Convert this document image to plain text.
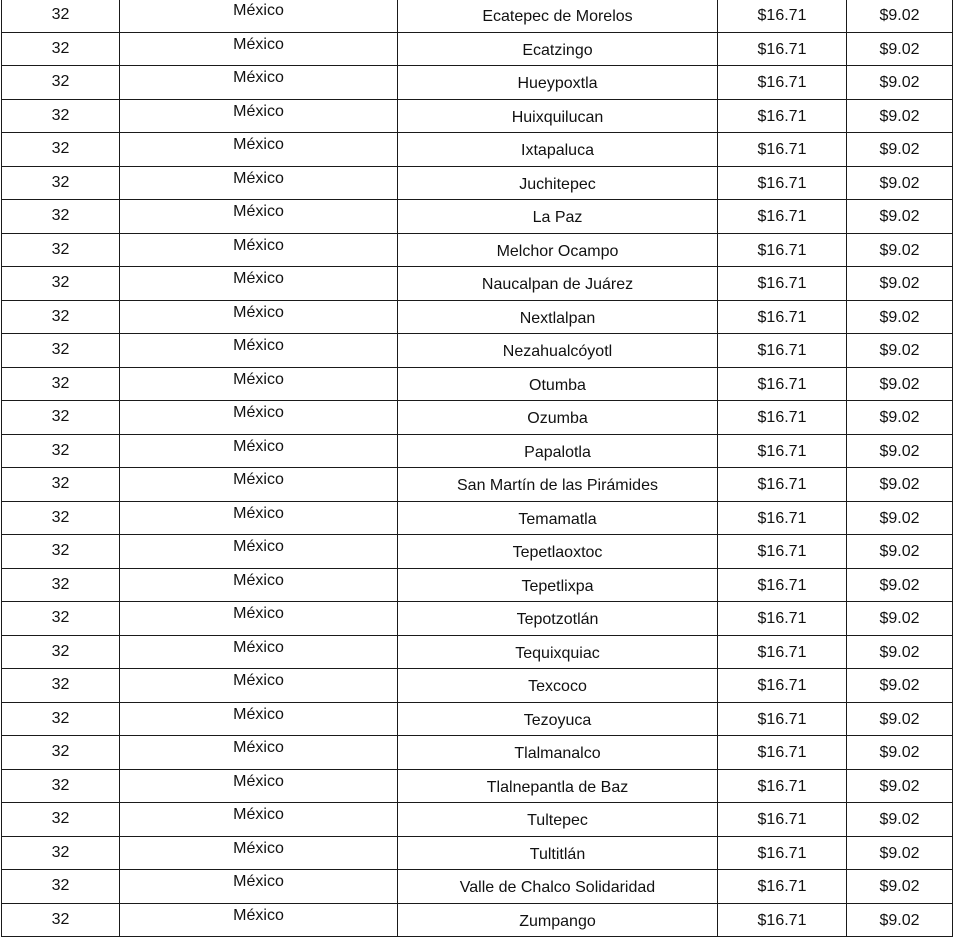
32	México	Ecatepec de Morelos	$16.71	$9.02
32	México	Ecatzingo	$16.71	$9.02
32	México	Hueypoxtla	$16.71	$9.02
32	México	Huixquilucan	$16.71	$9.02
32	México	Ixtapaluca	$16.71	$9.02
32	México	Juchitepec	$16.71	$9.02
32	México	La Paz	$16.71	$9.02
32	México	Melchor Ocampo	$16.71	$9.02
32	México	Naucalpan de Juárez	$16.71	$9.02
32	México	Nextlalpan	$16.71	$9.02
32	México	Nezahualcóyotl	$16.71	$9.02
32	México	Otumba	$16.71	$9.02
32	México	Ozumba	$16.71	$9.02
32	México	Papalotla	$16.71	$9.02
32	México	San Martín de las Pirámides	$16.71	$9.02
32	México	Temamatla	$16.71	$9.02
32	México	Tepetlaoxtoc	$16.71	$9.02
32	México	Tepetlixpa	$16.71	$9.02
32	México	Tepotzotlán	$16.71	$9.02
32	México	Tequixquiac	$16.71	$9.02
32	México	Texcoco	$16.71	$9.02
32	México	Tezoyuca	$16.71	$9.02
32	México	Tlalmanalco	$16.71	$9.02
32	México	Tlalnepantla de Baz	$16.71	$9.02
32	México	Tultepec	$16.71	$9.02
32	México	Tultitlán	$16.71	$9.02
32	México	Valle de Chalco Solidaridad	$16.71	$9.02
32	México	Zumpango	$16.71	$9.02
